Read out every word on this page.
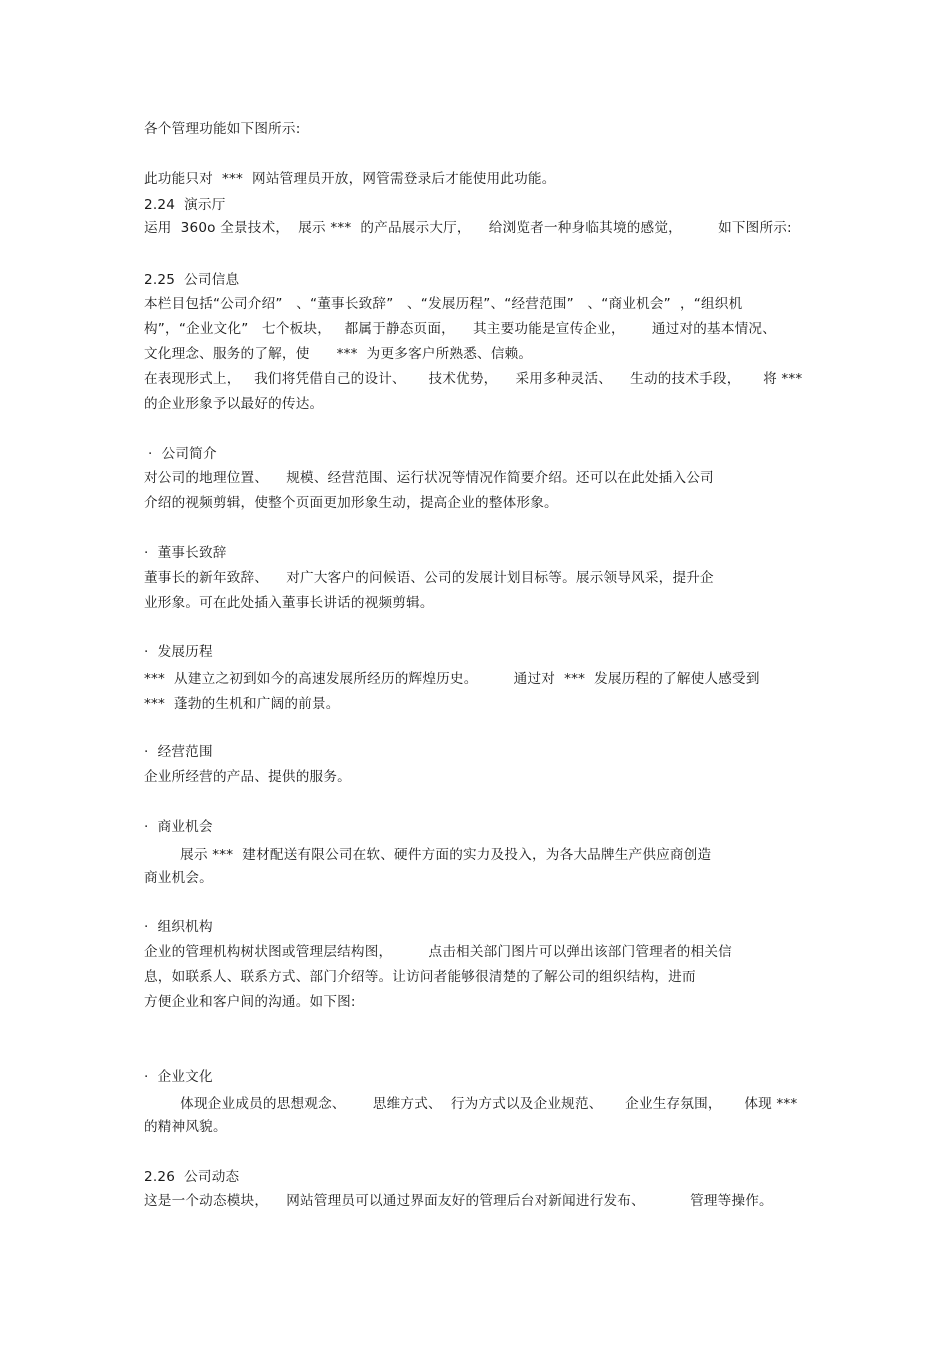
各个管理功能如下图所示:
此功能只对  ***  网站管理员开放，网管需登录后才能使用此功能。
2.24  演示厅
运用  360o 全景技术，  展示 ***  的产品展示大厅，    给浏览者一种身临其境的感觉，        如下图所示:
2.25  公司信息
本栏目包括“公司介绍”   、“董事长致辞”   、“发展历程”、“经营范围”   、“商业机会”  ，“组织机
构”，“企业文化”   七个板块，   都属于静态页面，    其主要功能是宣传企业，      通过对的基本情况、
文化理念、服务的了解，使      ***  为更多客户所熟悉、信赖。
在表现形式上，   我们将凭借自己的设计、     技术优势，    采用多种灵活、    生动的技术手段，     将 ***
的企业形象予以最好的传达。
·  公司简介
对公司的地理位置、    规模、经营范围、运行状况等情况作简要介绍。还可以在此处插入公司
介绍的视频剪辑，使整个页面更加形象生动，提高企业的整体形象。
·  董事长致辞
董事长的新年致辞、    对广大客户的问候语、公司的发展计划目标等。展示领导风采，提升企
业形象。可在此处插入董事长讲话的视频剪辑。
·  发展历程
***  从建立之初到如今的高速发展所经历的辉煌历史。        通过对  ***  发展历程的了解使人感受到
***  蓬勃的生机和广阔的前景。
·  经营范围
企业所经营的产品、提供的服务。
·  商业机会
展示 ***  建材配送有限公司在软、硬件方面的实力及投入，为各大品牌生产供应商创造
商业机会。
·  组织机构
企业的管理机构树状图或管理层结构图，        点击相关部门图片可以弹出该部门管理者的相关信
息，如联系人、联系方式、部门介绍等。让访问者能够很清楚的了解公司的组织结构，进而
方便企业和客户间的沟通。如下图:
·  企业文化
体现企业成员的思想观念、      思维方式、  行为方式以及企业规范、     企业生存氛围，     体现 ***
的精神风貌。
2.26  公司动态
这是一个动态模块，    网站管理员可以通过界面友好的管理后台对新闻进行发布、          管理等操作。
